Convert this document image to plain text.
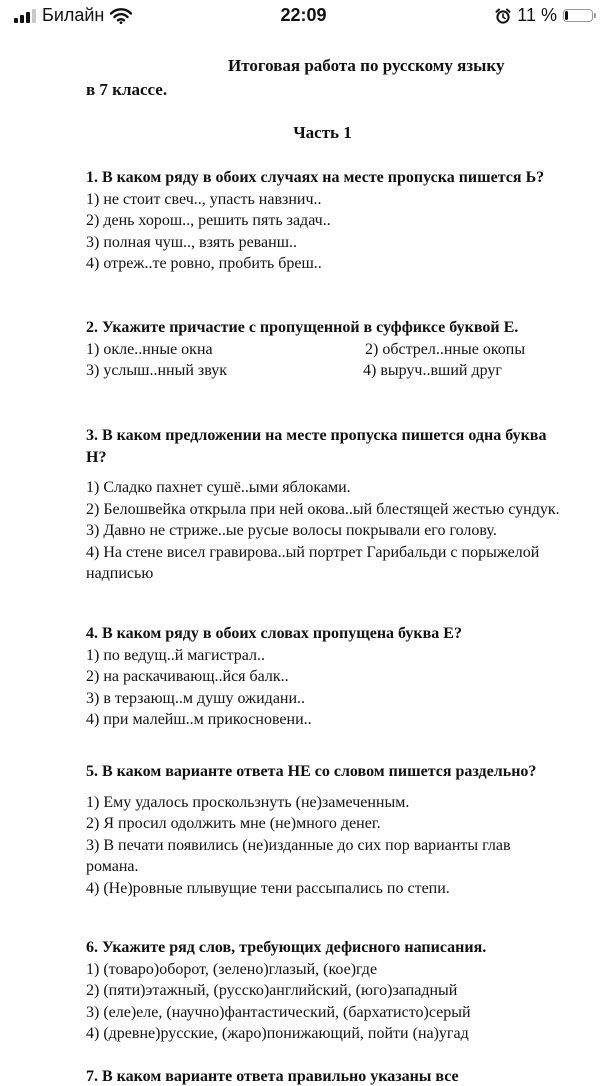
Билайн	22:09	11 %
Итоговая работа по русскому языку
в 7 классе.
Часть 1
1. В каком ряду в обоих случаях на месте пропуска пишется Ь?
1) не стоит свеч.., упасть навзнич..
2) день хорош.., решить пять задач..
3) полная чуш.., взять реванш..
4) отреж..те ровно, пробить бреш..
2. Укажите причастие с пропущенной в суффиксе буквой Е.
1) окле..нные окна	2) обстрел..нные окопы
3) услыш..нный звук	4) выруч..вший друг
3. В каком предложении на месте пропуска пишется одна буква Н?
1) Сладко пахнет сушё..ыми яблоками.
2) Белошвейка открыла при ней окова..ый блестящей жестью сундук.
3) Давно не стриже..ые русые волосы покрывали его голову.
4) На стене висел гравирова..ый портрет Гарибальди с порыжелой надписью
4. В каком ряду в обоих словах пропущена буква Е?
1) по ведущ..й магистрал..
2) на раскачивающ..йся балк..
3) в терзающ..м душу ожидани..
4) при малейш..м прикосновени..
5. В каком варианте ответа НЕ со словом пишется раздельно?
1) Ему удалось проскользнуть (не)замеченным.
2) Я просил одолжить мне (не)много денег.
3) В печати появились (не)изданные до сих пор варианты глав романа.
4) (Не)ровные плывущие тени рассыпались по степи.
6. Укажите ряд слов, требующих дефисного написания.
1) (товаро)оборот, (зелено)глазый, (кое)где
2) (пяти)этажный, (русско)английский, (юго)западный
3) (еле)еле, (научно)фантастический, (бархатисто)серый
4) (древне)русские, (жаро)понижающий, пойти (на)угад
7. В каком варианте ответа правильно указаны все
